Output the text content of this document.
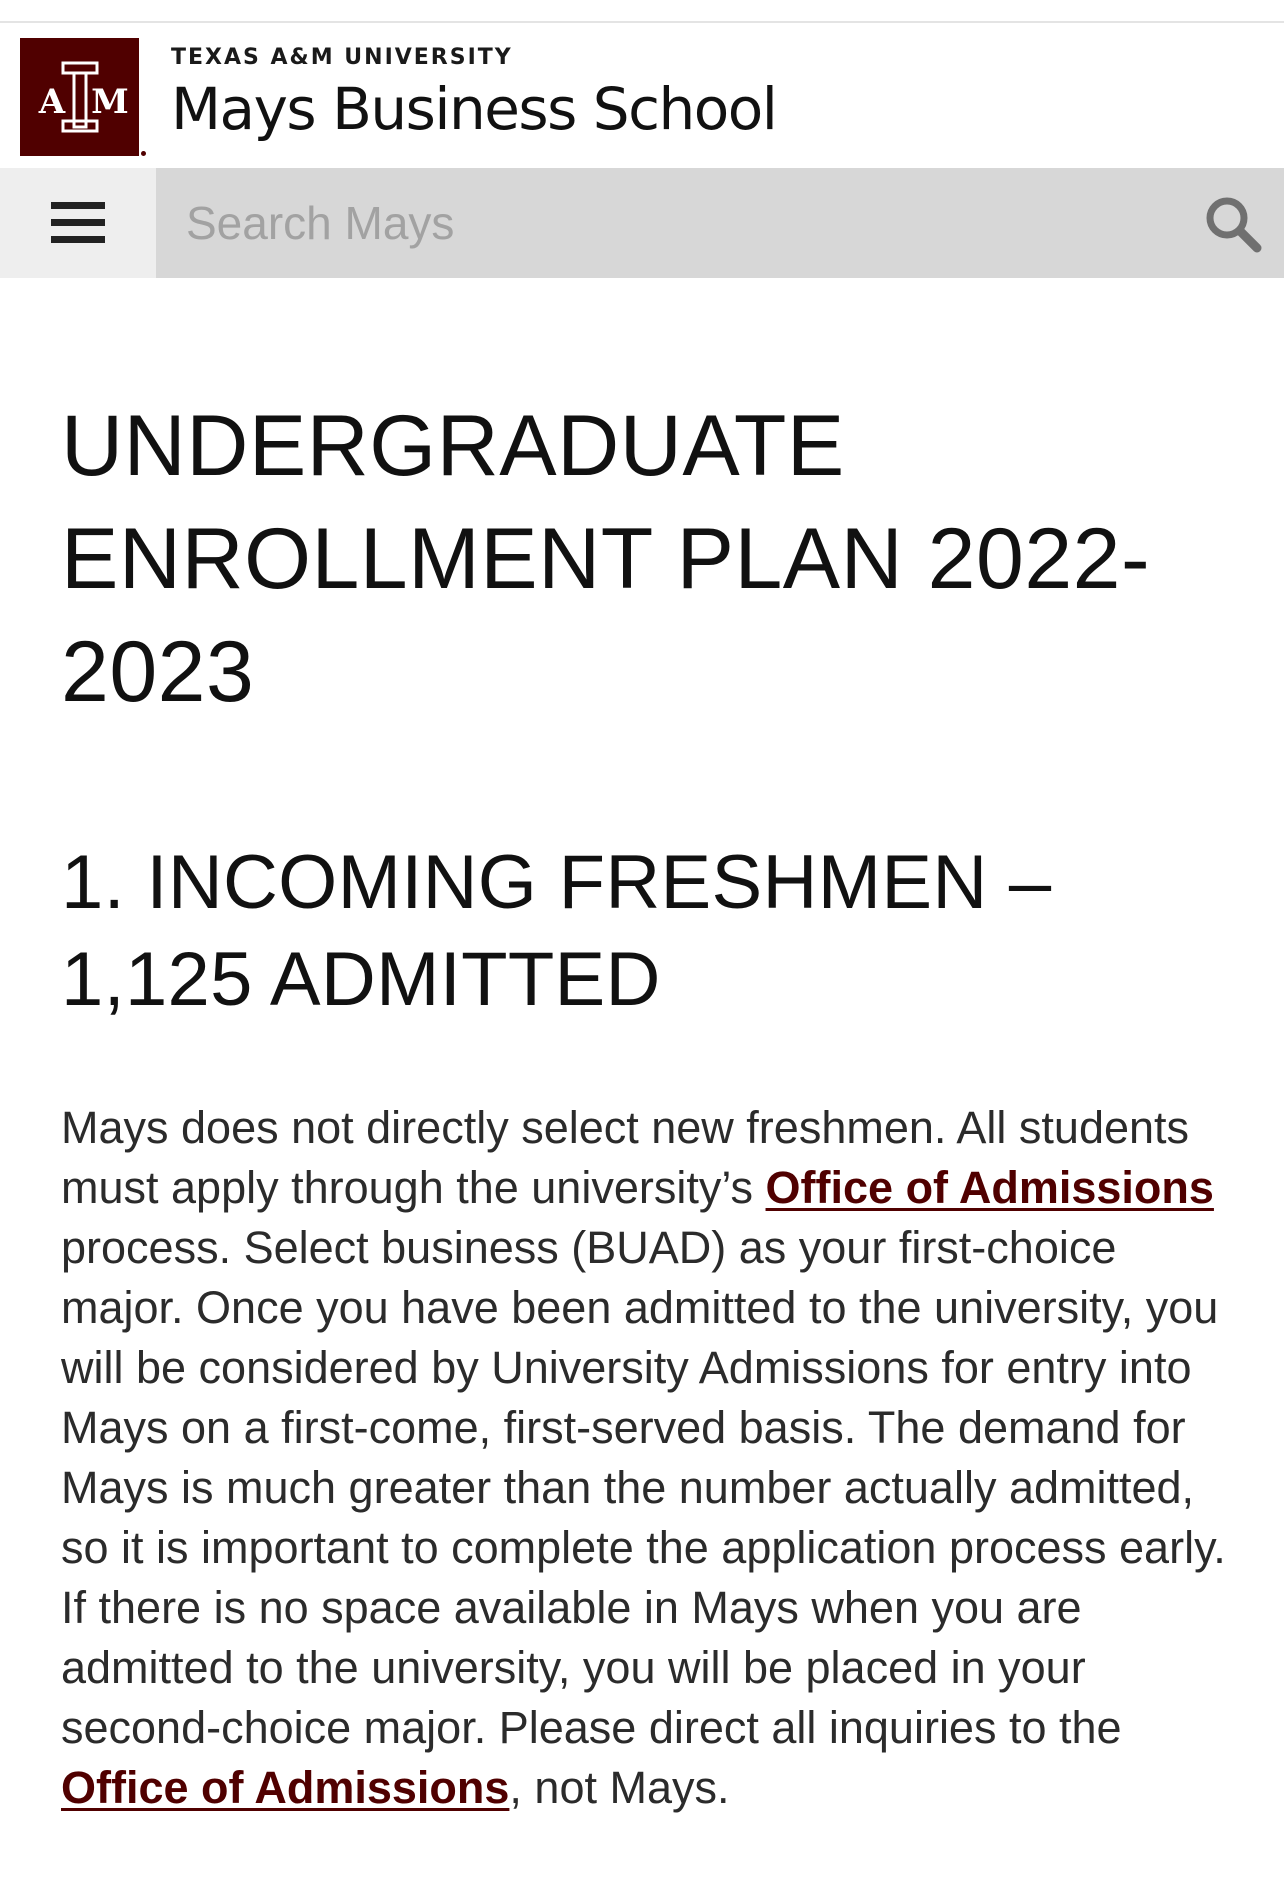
A M
TEXAS A&M UNIVERSITY
Mays Business School
Search Mays
UNDERGRADUATE ENROLLMENT PLAN 2022-2023
1. INCOMING FRESHMEN – 1,125 ADMITTED

Mays does not directly select new freshmen. All students must apply through the university’s Office of Admissions process. Select business (BUAD) as your first-choice major. Once you have been admitted to the university, you will be considered by University Admissions for entry into Mays on a first-come, first-served basis. The demand for Mays is much greater than the number actually admitted, so it is important to complete the application process early. If there is no space available in Mays when you are admitted to the university, you will be placed in your second-choice major. Please direct all inquiries to the Office of Admissions, not Mays.
